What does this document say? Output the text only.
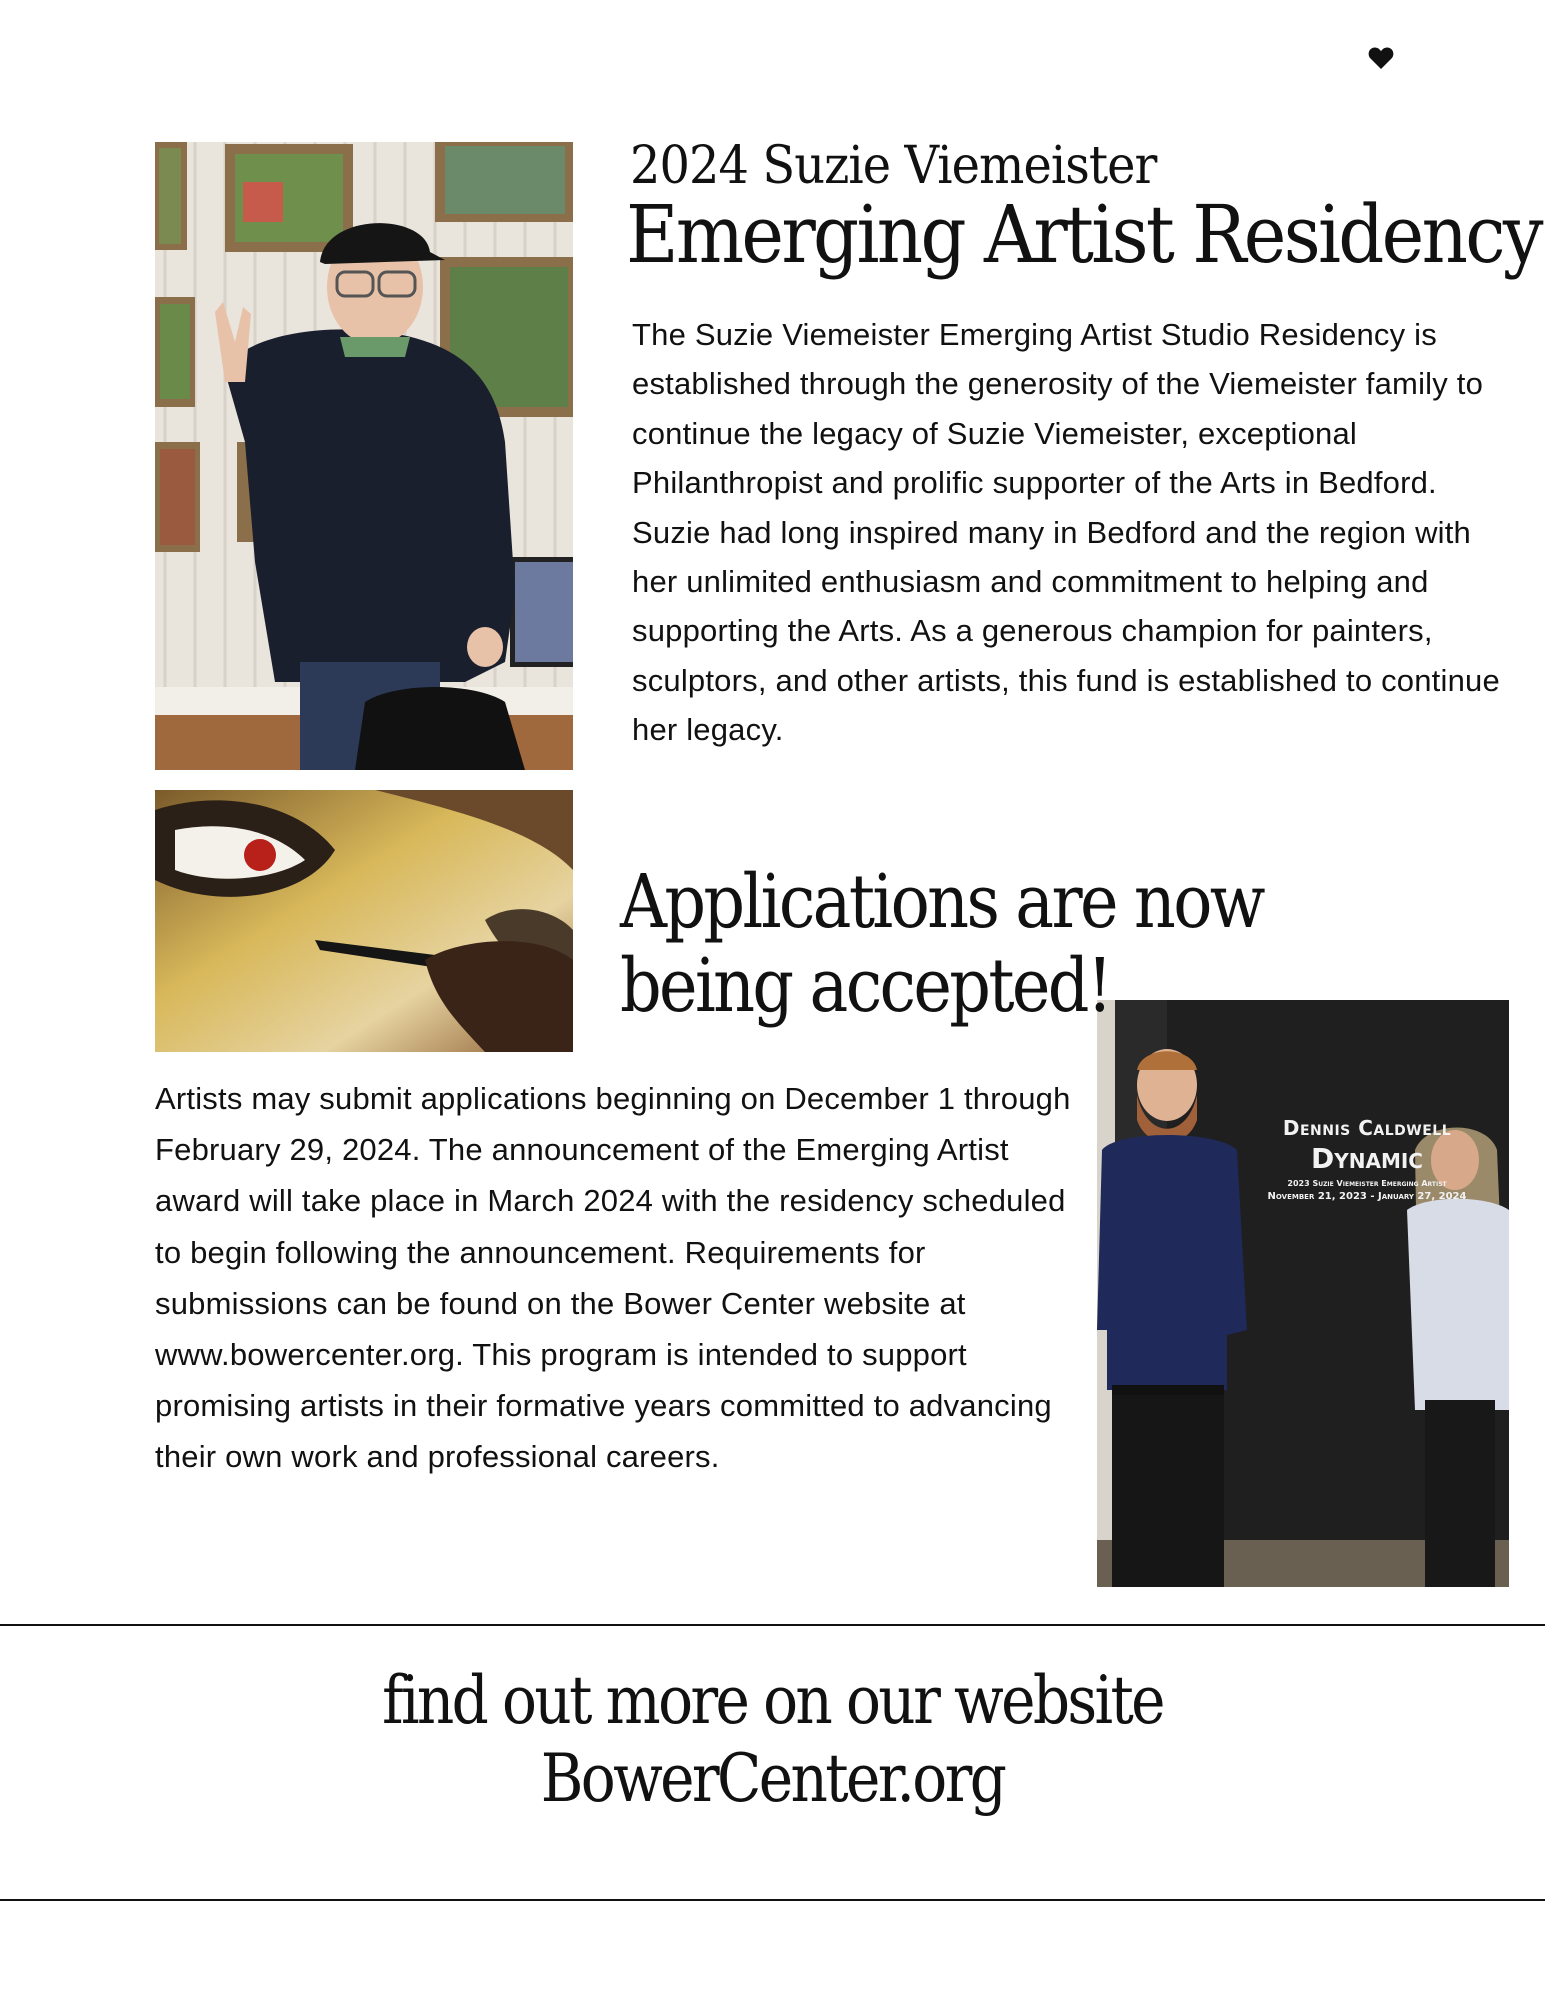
Dennis Caldwell
Dynamic
2023 Suzie Viemeister Emerging Artist
November 21, 2023 - January 27, 2024
2024 Suzie Viemeister
Emerging Artist Residency
The Suzie Viemeister Emerging Artist Studio Residency is established through the generosity of the Viemeister family to continue the legacy of Suzie Viemeister, exceptional Philanthropist and prolific supporter of the Arts in Bedford. Suzie had long inspired many in Bedford and the region with her unlimited enthusiasm and commitment to helping and supporting the Arts. As a generous champion for painters, sculptors, and other artists, this fund is established to continue her legacy.
Applications are now
being accepted!
Artists may submit applications beginning on December 1 through February 29, 2024. The announcement of the Emerging Artist award will take place in March 2024 with the residency scheduled to begin following the announcement. Requirements for submissions can be found on the Bower Center website at www.bowercenter.org. This program is intended to support promising artists in their formative years committed to advancing their own work and professional careers.
find out more on our website
BowerCenter.org
